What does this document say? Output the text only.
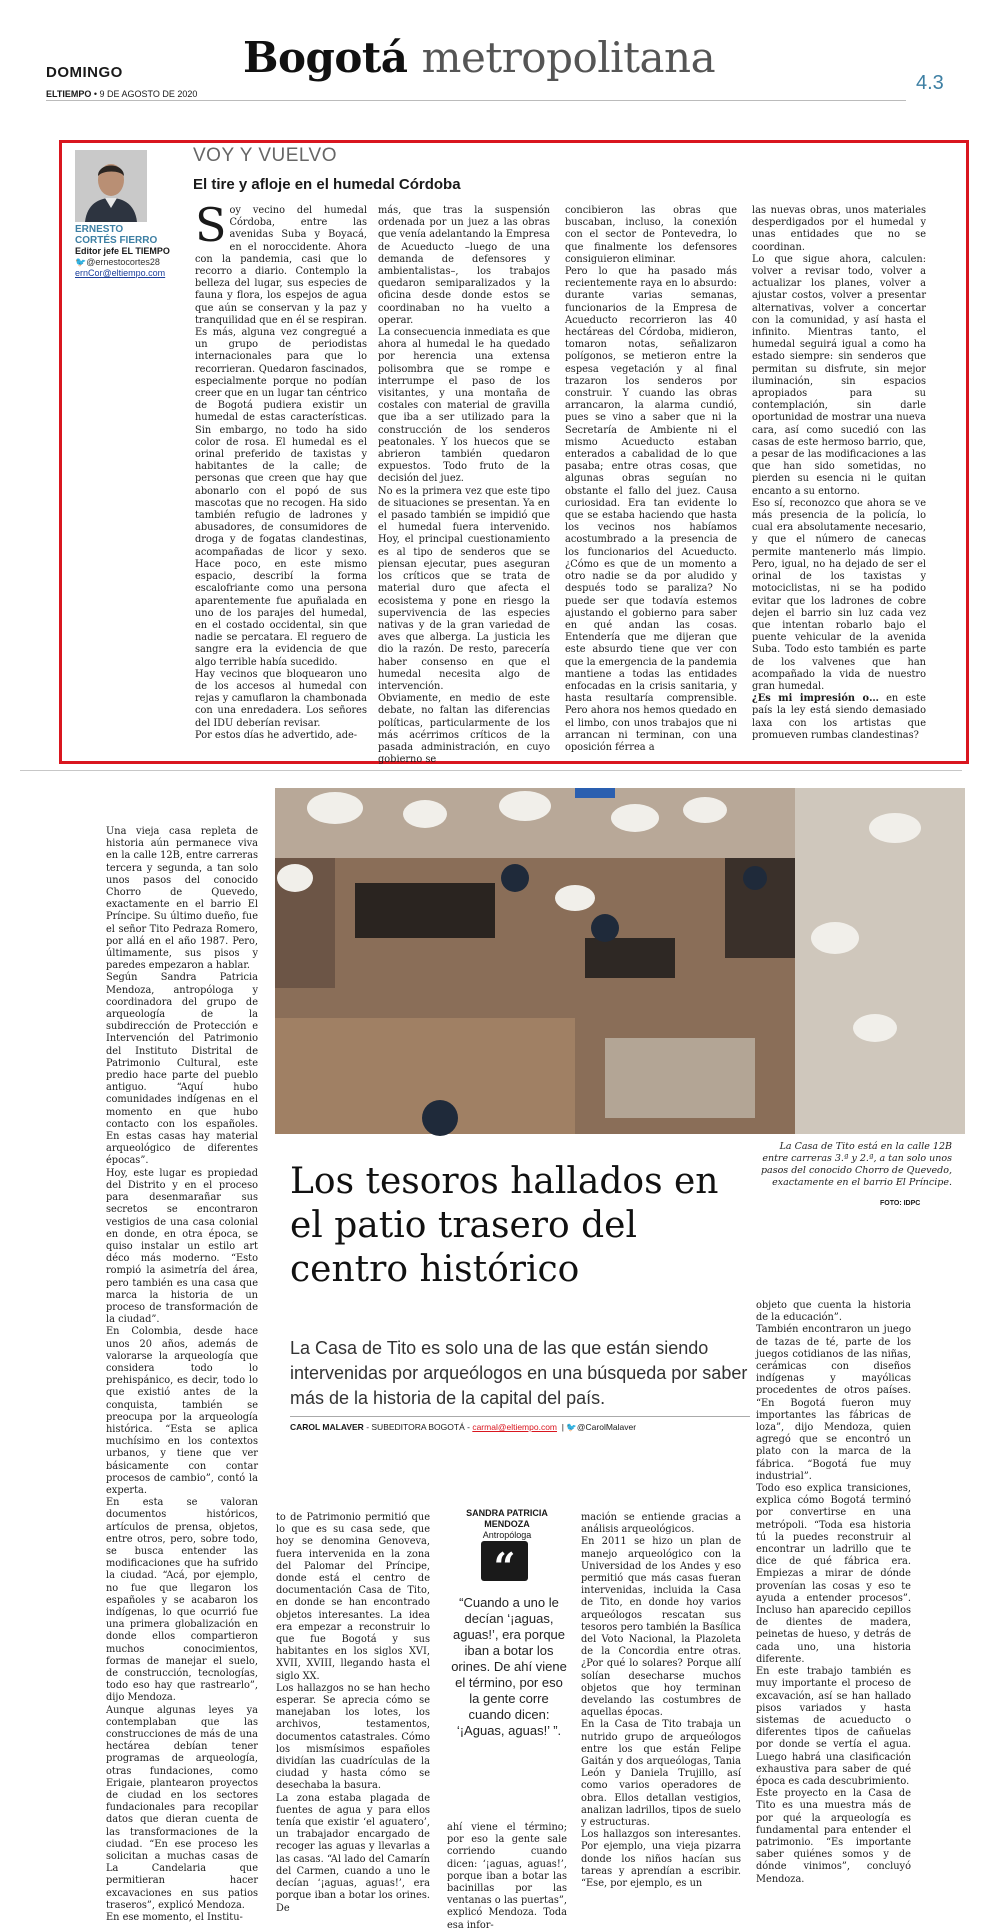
DOMINGO	Bogotá metropolitana
ELTIEMPO • 9 DE AGOSTO DE 2020	4.3
ERNESTO
CORTÉS FIERRO
Editor jefe EL TIEMPO
🐦@ernestocortes28
ernCor@eltiempo.com
VOY Y VUELVO
El tire y afloje en el humedal Córdoba
S oy vecino del humedal Córdoba, entre las avenidas Suba y Boyacá, en el noroccidente. Ahora con la pandemia, casi que lo recorro a diario. Contemplo la belleza del lugar, sus especies de fauna y flora, los espejos de agua que aún se conservan y la paz y tranquilidad que en él se respiran. Es más, alguna vez congregué a un grupo de periodistas internacionales para que lo recorrieran. Quedaron fascinados, especialmente porque no podían creer que en un lugar tan céntrico de Bogotá pudiera existir un humedal de estas características. Sin embargo, no todo ha sido color de rosa. El humedal es el orinal preferido de taxistas y habitantes de la calle; de personas que creen que hay que abonarlo con el popó de sus mascotas que no recogen. Ha sido también refugio de ladrones y abusadores, de consumidores de droga y de fogatas clandestinas, acompañadas de licor y sexo. Hace poco, en este mismo espacio, describí la forma escalofriante como una persona aparentemente fue apuñalada en uno de los parajes del humedal, en el costado occidental, sin que nadie se percatara. El reguero de sangre era la evidencia de que algo terrible había sucedido.

Hay vecinos que bloquearon uno de los accesos al humedal con rejas y camuflaron la chambonada con una enredadera. Los señores del IDU deberían revisar.

Por estos días he advertido, ade-

más, que tras la suspensión ordenada por un juez a las obras que venía adelantando la Empresa de Acueducto –luego de una demanda de defensores y ambientalistas–, los trabajos quedaron semiparalizados y la oficina desde donde estos se coordinaban no ha vuelto a operar.

La consecuencia inmediata es que ahora al humedal le ha quedado por herencia una extensa polisombra que se rompe e interrumpe el paso de los visitantes, y una montaña de costales con material de gravilla que iba a ser utilizado para la construcción de los senderos peatonales. Y los huecos que se abrieron también quedaron expuestos. Todo fruto de la decisión del juez.

No es la primera vez que este tipo de situaciones se presentan. Ya en el pasado también se impidió que el humedal fuera intervenido. Hoy, el principal cuestionamiento es al tipo de senderos que se piensan ejecutar, pues aseguran los críticos que se trata de material duro que afecta el ecosistema y pone en riesgo la supervivencia de las especies nativas y de la gran variedad de aves que alberga. La justicia les dio la razón. De resto, parecería haber consenso en que el humedal necesita algo de intervención.

Obviamente, en medio de este debate, no faltan las diferencias políticas, particularmente de los más acérrimos críticos de la pasada administración, en cuyo gobierno se

concibieron las obras que buscaban, incluso, la conexión con el sector de Pontevedra, lo que finalmente los defensores consiguieron eliminar.

Pero lo que ha pasado más recientemente raya en lo absurdo: durante varias semanas, funcionarios de la Empresa de Acueducto recorrieron las 40 hectáreas del Córdoba, midieron, tomaron notas, señalizaron polígonos, se metieron entre la espesa vegetación y al final trazaron los senderos por construir. Y cuando las obras arrancaron, la alarma cundió, pues se vino a saber que ni la Secretaría de Ambiente ni el mismo Acueducto estaban enterados a cabalidad de lo que pasaba; entre otras cosas, que algunas obras seguían no obstante el fallo del juez. Causa curiosidad. Era tan evidente lo que se estaba haciendo que hasta los vecinos nos habíamos acostumbrado a la presencia de los funcionarios del Acueducto. ¿Cómo es que de un momento a otro nadie se da por aludido y después todo se paraliza? No puede ser que todavía estemos ajustando el gobierno para saber en qué andan las cosas. Entendería que me dijeran que este absurdo tiene que ver con que la emergencia de la pandemia mantiene a todas las entidades enfocadas en la crisis sanitaria, y hasta resultaría comprensible. Pero ahora nos hemos quedado en el limbo, con unos trabajos que ni arrancan ni terminan, con una oposición férrea a

las nuevas obras, unos materiales desperdigados por el humedal y unas entidades que no se coordinan.

Lo que sigue ahora, calculen: volver a revisar todo, volver a actualizar los planes, volver a ajustar costos, volver a presentar alternativas, volver a concertar con la comunidad, y así hasta el infinito. Mientras tanto, el humedal seguirá igual a como ha estado siempre: sin senderos que permitan su disfrute, sin mejor iluminación, sin espacios apropiados para su contemplación, sin darle oportunidad de mostrar una nueva cara, así como sucedió con las casas de este hermoso barrio, que, a pesar de las modificaciones a las que han sido sometidas, no pierden su esencia ni le quitan encanto a su entorno.

Eso sí, reconozco que ahora se ve más presencia de la policía, lo cual era absolutamente necesario, y que el número de canecas permite mantenerlo más limpio. Pero, igual, no ha dejado de ser el orinal de los taxistas y motociclistas, ni se ha podido evitar que los ladrones de cobre dejen el barrio sin luz cada vez que intentan robarlo bajo el puente vehicular de la avenida Suba. Todo esto también es parte de los valvenes que han acompañado la vida de nuestro gran humedal.

¿Es mi impresión o… en este país la ley está siendo demasiado laxa con los artistas que promueven rumbas clandestinas?

La Casa de Tito está en la calle 12B entre carreras 3.ª y 2.ª, a tan solo unos pasos del conocido Chorro de Quevedo, exactamente en el barrio El Príncipe.
FOTO: IDPC
Los tesoros hallados en el patio trasero del centro histórico
La Casa de Tito es solo una de las que están siendo intervenidas por arqueólogos en una búsqueda por saber más de la historia de la capital del país.
CAROL MALAVER - SUBEDITORA BOGOTÁ - carmal@eltiempo.com  | 🐦@CarolMalaver

Una vieja casa repleta de historia aún permanece viva en la calle 12B, entre carreras tercera y segunda, a tan solo unos pasos del conocido Chorro de Quevedo, exactamente en el barrio El Príncipe. Su último dueño, fue el señor Tito Pedraza Romero, por allá en el año 1987. Pero, últimamente, sus pisos y paredes empezaron a hablar.

Según Sandra Patricia Mendoza, antropóloga y coordinadora del grupo de arqueología de la subdirección de Protección e Intervención del Patrimonio del Instituto Distrital de Patrimonio Cultural, este predio hace parte del pueblo antiguo. “Aquí hubo comunidades indígenas en el momento en que hubo contacto con los españoles. En estas casas hay material arqueológico de diferentes épocas”.

Hoy, este lugar es propiedad del Distrito y en el proceso para desenmarañar sus secretos se encontraron vestigios de una casa colonial en donde, en otra época, se quiso instalar un estilo art déco más moderno. “Esto rompió la asimetría del área, pero también es una casa que marca la historia de un proceso de transformación de la ciudad”.

En Colombia, desde hace unos 20 años, además de valorarse la arqueología que considera todo lo prehispánico, es decir, todo lo que existió antes de la conquista, también se preocupa por la arqueología histórica. “Esta se aplica muchísimo en los contextos urbanos, y tiene que ver básicamente con contar procesos de cambio”, contó la experta.

En esta se valoran documentos históricos, artículos de prensa, objetos, entre otros, pero, sobre todo, se busca entender las modificaciones que ha sufrido la ciudad. “Acá, por ejemplo, no fue que llegaron los españoles y se acabaron los indígenas, lo que ocurrió fue una primera globalización en donde ellos compartieron muchos conocimientos, formas de manejar el suelo, de construcción, tecnologías, todo eso hay que rastrearlo”, dijo Mendoza.

Aunque algunas leyes ya contemplaban que las construcciones de más de una hectárea debían tener programas de arqueología, otras fundaciones, como Erigaie, plantearon proyectos de ciudad en los sectores fundacionales para recopilar datos que dieran cuenta de las transformaciones de la ciudad. “En ese proceso les solicitan a muchas casas de La Candelaria que permitieran hacer excavaciones en sus patios traseros”, explicó Mendoza.

En ese momento, el Institu-

to de Patrimonio permitió que lo que es su casa sede, que hoy se denomina Genoveva, fuera intervenida en la zona del Palomar del Príncipe, donde está el centro de documentación Casa de Tito, en donde se han encontrado objetos interesantes. La idea era empezar a reconstruir lo que fue Bogotá y sus habitantes en los siglos XVI, XVII, XVIII, llegando hasta el siglo XX.

Los hallazgos no se han hecho esperar. Se aprecia cómo se manejaban los lotes, los archivos, testamentos, documentos catastrales. Cómo los mismísimos españoles dividían las cuadrículas de la ciudad y hasta cómo se desechaba la basura.

La zona estaba plagada de fuentes de agua y para ellos tenía que existir ‘el aguatero’, un trabajador encargado de recoger las aguas y llevarlas a las casas. “Al lado del Camarín del Carmen, cuando a uno le decían ‘¡aguas, aguas!’, era porque iban a botar los orines. De

SANDRA PATRICIA
MENDOZA
Antropóloga
“
“Cuando a uno le decían ‘¡aguas, aguas!’, era porque iban a botar los orines. De ahí viene el término, por eso la gente corre cuando dicen: ‘¡Aguas, aguas!’ ”.

ahí viene el término; por eso la gente sale corriendo cuando dicen: ‘¡aguas, aguas!’, porque iban a botar las bacinillas por las ventanas o las puertas”, explicó Mendoza. Toda esa infor-

mación se entiende gracias a análisis arqueológicos.

En 2011 se hizo un plan de manejo arqueológico con la Universidad de los Andes y eso permitió que más casas fueran intervenidas, incluida la Casa de Tito, en donde hoy varios arqueólogos rescatan sus tesoros pero también la Basílica del Voto Nacional, la Plazoleta de la Concordia entre otras. ¿Por qué lo solares? Porque allí solían desecharse muchos objetos que hoy terminan develando las costumbres de aquellas épocas.

En la Casa de Tito trabaja un nutrido grupo de arqueólogos entre los que están Felipe Gaitán y dos arqueólogas, Tania León y Daniela Trujillo, así como varios operadores de obra. Ellos detallan vestigios, analizan ladrillos, tipos de suelo y estructuras.

Los hallazgos son interesantes. Por ejemplo, una vieja pizarra donde los niños hacían sus tareas y aprendían a escribir. “Ese, por ejemplo, es un

objeto que cuenta la historia de la educación”.

También encontraron un juego de tazas de té, parte de los juegos cotidianos de las niñas, cerámicas con diseños indígenas y mayólicas procedentes de otros países. “En Bogotá fueron muy importantes las fábricas de loza”, dijo Mendoza, quien agregó que se encontró un plato con la marca de la fábrica. “Bogotá fue muy industrial”.

Todo eso explica transiciones, explica cómo Bogotá terminó por convertirse en una metrópoli. “Toda esa historia tú la puedes reconstruir al encontrar un ladrillo que te dice de qué fábrica era. Empiezas a mirar de dónde provenían las cosas y eso te ayuda a entender procesos”. Incluso han aparecido cepillos de dientes de madera, peinetas de hueso, y detrás de cada uno, una historia diferente.

En este trabajo también es muy importante el proceso de excavación, así se han hallado pisos variados y hasta sistemas de acueducto o diferentes tipos de cañuelas por donde se vertía el agua. Luego habrá una clasificación exhaustiva para saber de qué época es cada descubrimiento.

Este proyecto en la Casa de Tito es una muestra más de por qué la arqueología es fundamental para entender el patrimonio. “Es importante saber quiénes somos y de dónde vinimos”, concluyó Mendoza.
